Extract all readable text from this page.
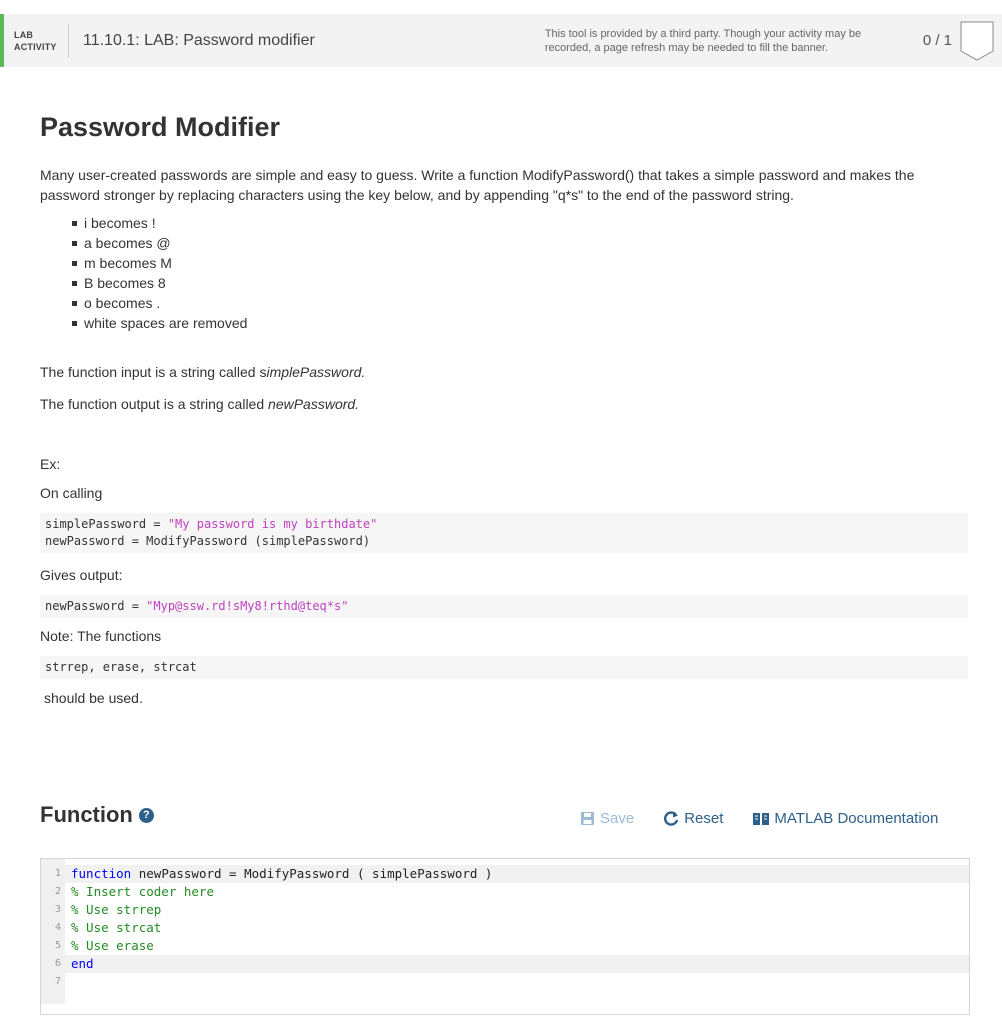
LAB
ACTIVITY	11.10.1: LAB: Password modifier	This tool is provided by a third party. Though your activity may be recorded, a page refresh may be needed to fill the banner.	0 / 1
Password Modifier

Many user-created passwords are simple and easy to guess. Write a function ModifyPassword() that takes a simple password and makes the password stronger by replacing characters using the key below, and by appending "q*s" to the end of the password string.

i becomes !
a becomes @
m becomes M
B becomes 8
o becomes .
white spaces are removed
The function input is a string called simplePassword.
The function output is a string called newPassword.
Ex:
On calling
simplePassword = "My password is my birthdate"
newPassword = ModifyPassword (simplePassword)
Gives output:
newPassword = "Myp@ssw.rd!sMy8!rthd@teq*s"
Note: The functions
strrep, erase, strcat
should be used.
Function ?	Save	Reset	MATLAB Documentation
1 function newPassword = ModifyPassword ( simplePassword )
2 % Insert coder here
3 % Use strrep
4 % Use strcat
5 % Use erase
6 end
7
